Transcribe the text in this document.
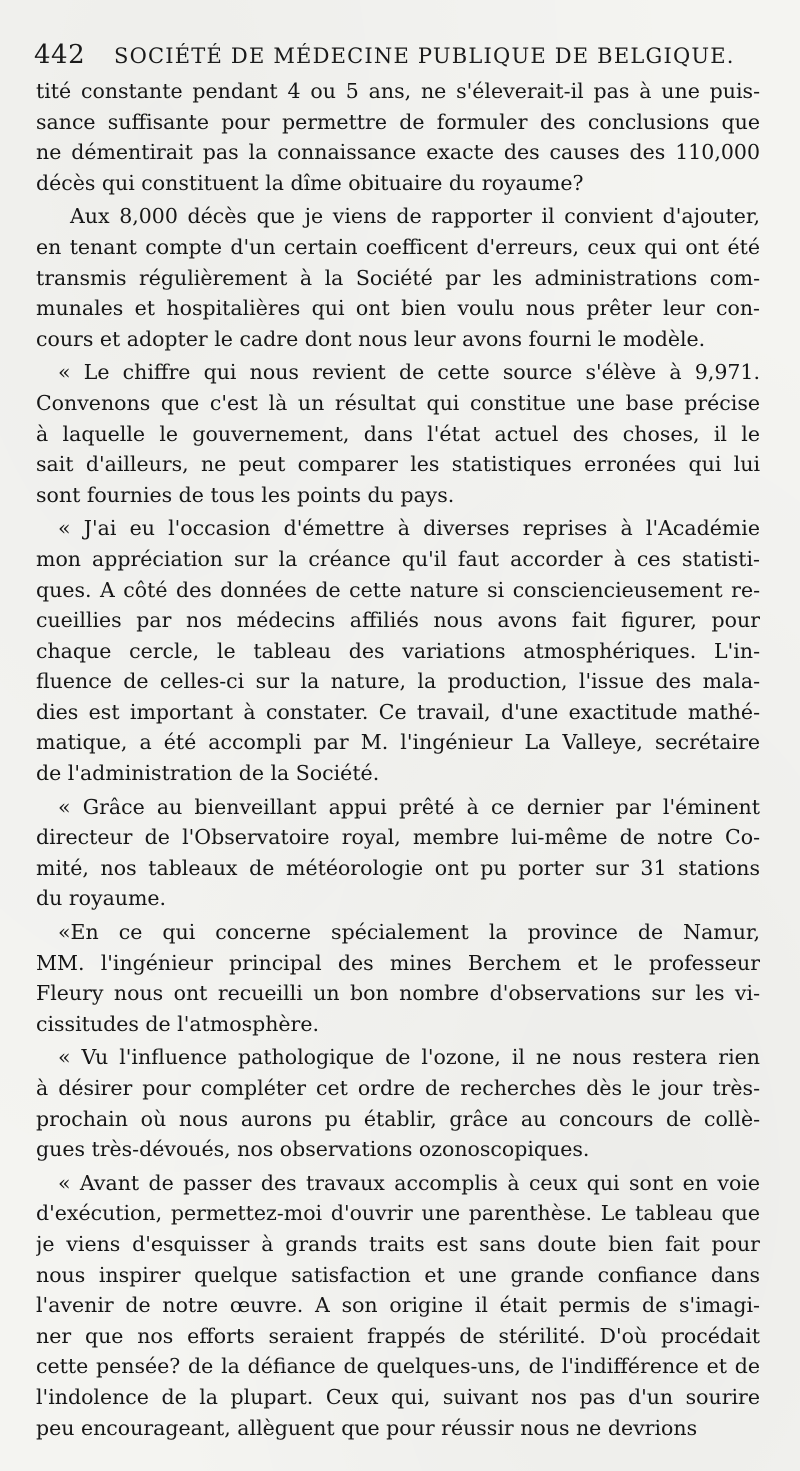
442 SOCIÉTÉ DE MÉDECINE PUBLIQUE DE BELGIQUE.
tité constante pendant 4 ou 5 ans, ne s'éleverait-il pas à une puis-
sance suffisante pour permettre de formuler des conclusions que
ne démentirait pas la connaissance exacte des causes des 110,000
décès qui constituent la dîme obituaire du royaume?
Aux 8,000 décès que je viens de rapporter il convient d'ajouter,
en tenant compte d'un certain coefficent d'erreurs, ceux qui ont été
transmis régulièrement à la Société par les administrations com-
munales et hospitalières qui ont bien voulu nous prêter leur con-
cours et adopter le cadre dont nous leur avons fourni le modèle.
« Le chiffre qui nous revient de cette source s'élève à 9,971.
Convenons que c'est là un résultat qui constitue une base précise
à laquelle le gouvernement, dans l'état actuel des choses, il le
sait d'ailleurs, ne peut comparer les statistiques erronées qui lui
sont fournies de tous les points du pays.
« J'ai eu l'occasion d'émettre à diverses reprises à l'Académie
mon appréciation sur la créance qu'il faut accorder à ces statisti-
ques. A côté des données de cette nature si consciencieusement re-
cueillies par nos médecins affiliés nous avons fait figurer, pour
chaque cercle, le tableau des variations atmosphériques. L'in-
fluence de celles-ci sur la nature, la production, l'issue des mala-
dies est important à constater. Ce travail, d'une exactitude mathé-
matique, a été accompli par M. l'ingénieur La Valleye, secrétaire
de l'administration de la Société.
« Grâce au bienveillant appui prêté à ce dernier par l'éminent
directeur de l'Observatoire royal, membre lui-même de notre Co-
mité, nos tableaux de météorologie ont pu porter sur 31 stations
du royaume.
«En ce qui concerne spécialement la province de Namur,
MM. l'ingénieur principal des mines Berchem et le professeur
Fleury nous ont recueilli un bon nombre d'observations sur les vi-
cissitudes de l'atmosphère.
« Vu l'influence pathologique de l'ozone, il ne nous restera rien
à désirer pour compléter cet ordre de recherches dès le jour très-
prochain où nous aurons pu établir, grâce au concours de collè-
gues très-dévoués, nos observations ozonoscopiques.
« Avant de passer des travaux accomplis à ceux qui sont en voie
d'exécution, permettez-moi d'ouvrir une parenthèse. Le tableau que
je viens d'esquisser à grands traits est sans doute bien fait pour
nous inspirer quelque satisfaction et une grande confiance dans
l'avenir de notre œuvre. A son origine il était permis de s'imagi-
ner que nos efforts seraient frappés de stérilité. D'où procédait
cette pensée? de la défiance de quelques-uns, de l'indifférence et de
l'indolence de la plupart. Ceux qui, suivant nos pas d'un sourire
peu encourageant, allèguent que pour réussir nous ne devrions
